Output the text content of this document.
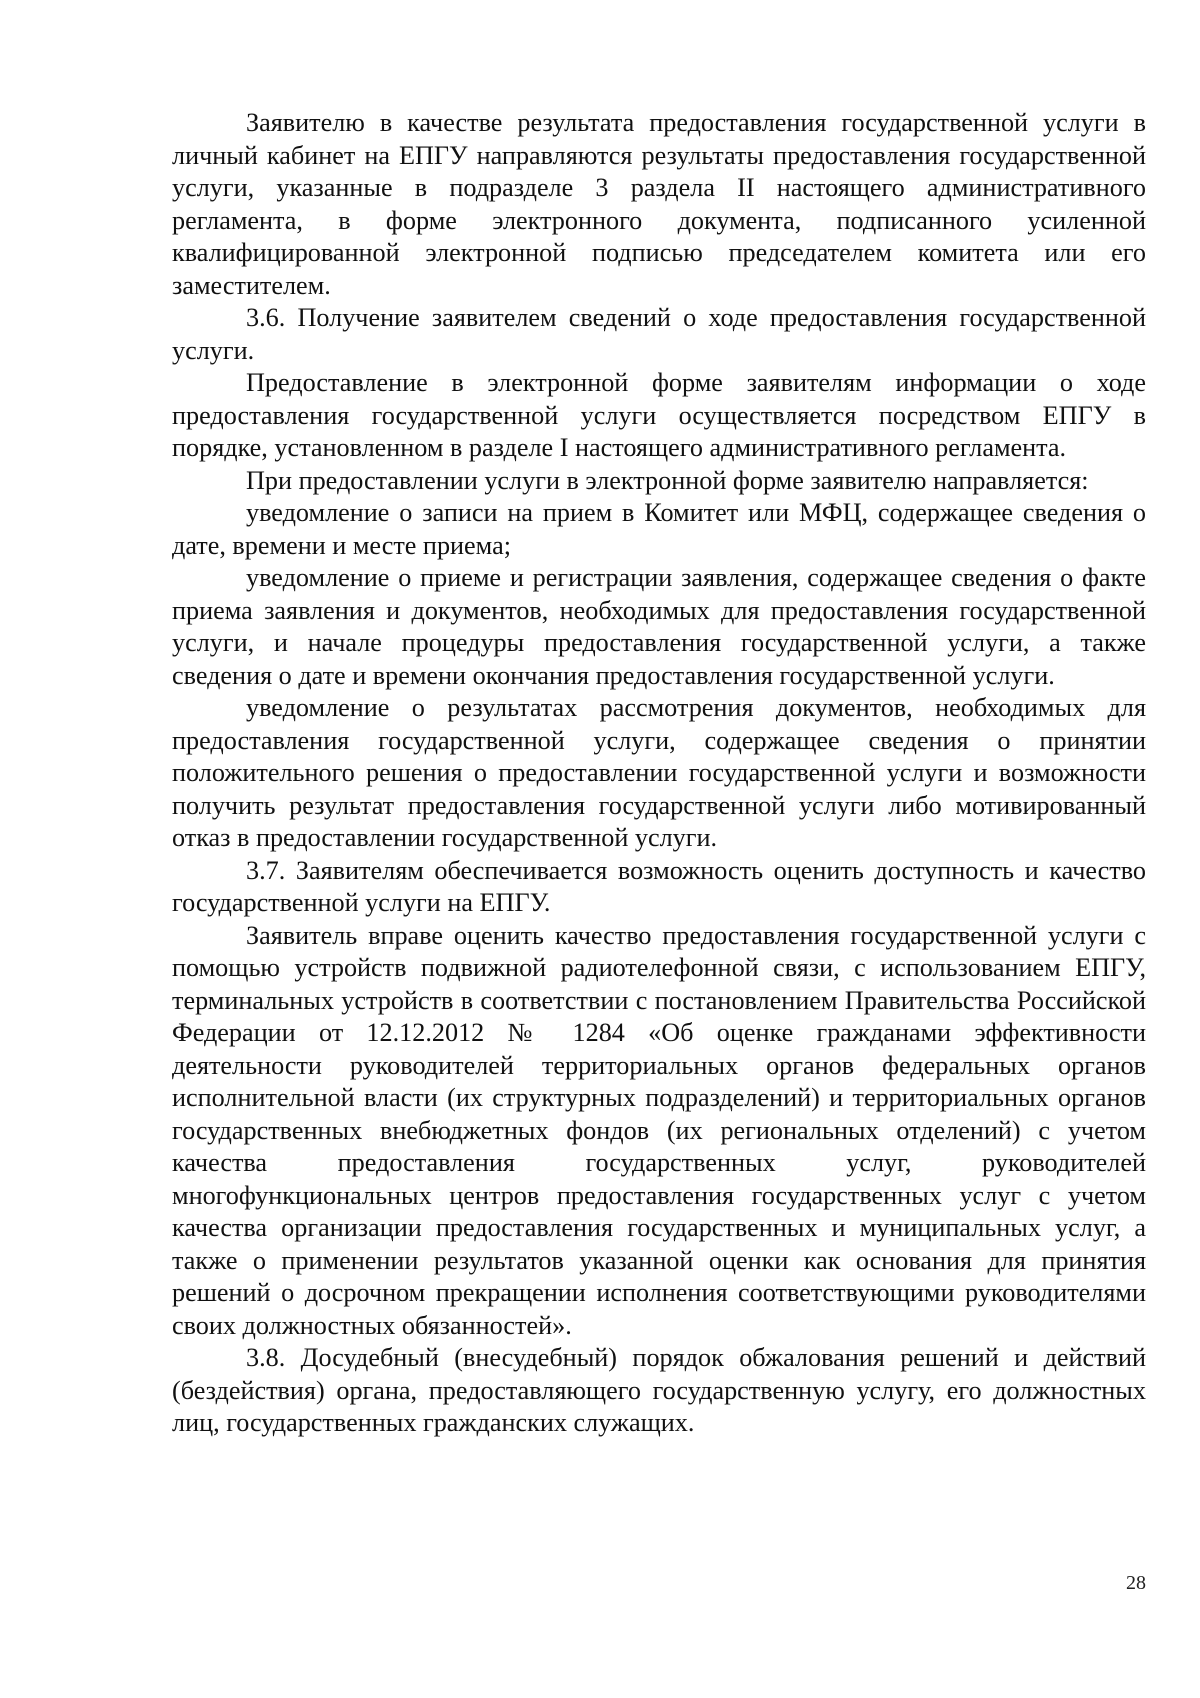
Заявителю в качестве результата предоставления государственной услуги в личный кабинет на ЕПГУ направляются результаты предоставления государственной услуги, указанные в подразделе 3 раздела II настоящего административного регламента, в форме электронного документа, подписанного усиленной квалифицированной электронной подписью председателем комитета или его заместителем.

3.6. Получение заявителем сведений о ходе предоставления государственной услуги.

Предоставление в электронной форме заявителям информации о ходе предоставления государственной услуги осуществляется посредством ЕПГУ в порядке, установленном в разделе I настоящего административного регламента.

При предоставлении услуги в электронной форме заявителю направляется:

уведомление о записи на прием в Комитет или МФЦ, содержащее сведения о дате, времени и месте приема;

уведомление о приеме и регистрации заявления, содержащее сведения о факте приема заявления и документов, необходимых для предоставления государственной услуги, и начале процедуры предоставления государственной услуги, а также сведения о дате и времени окончания предоставления государственной услуги.

уведомление о результатах рассмотрения документов, необходимых для предоставления государственной услуги, содержащее сведения о принятии положительного решения о предоставлении государственной услуги и возможности получить результат предоставления государственной услуги либо мотивированный отказ в предоставлении государственной услуги.

3.7. Заявителям обеспечивается возможность оценить доступность и качество государственной услуги на ЕПГУ.

Заявитель вправе оценить качество предоставления государственной услуги с помощью устройств подвижной радиотелефонной связи, с использованием ЕПГУ, терминальных устройств в соответствии с постановлением Правительства Российской Федерации от 12.12.2012 № 1284 «Об оценке гражданами эффективности деятельности руководителей территориальных органов федеральных органов исполнительной власти (их структурных подразделений) и территориальных органов государственных внебюджетных фондов (их региональных отделений) с учетом качества предоставления государственных услуг, руководителей многофункциональных центров предоставления государственных услуг с учетом качества организации предоставления государственных и муниципальных услуг, а также о применении результатов указанной оценки как основания для принятия решений о досрочном прекращении исполнения соответствующими руководителями своих должностных обязанностей».

3.8. Досудебный (внесудебный) порядок обжалования решений и действий (бездействия) органа, предоставляющего государственную услугу, его должностных лиц, государственных гражданских служащих.

28
